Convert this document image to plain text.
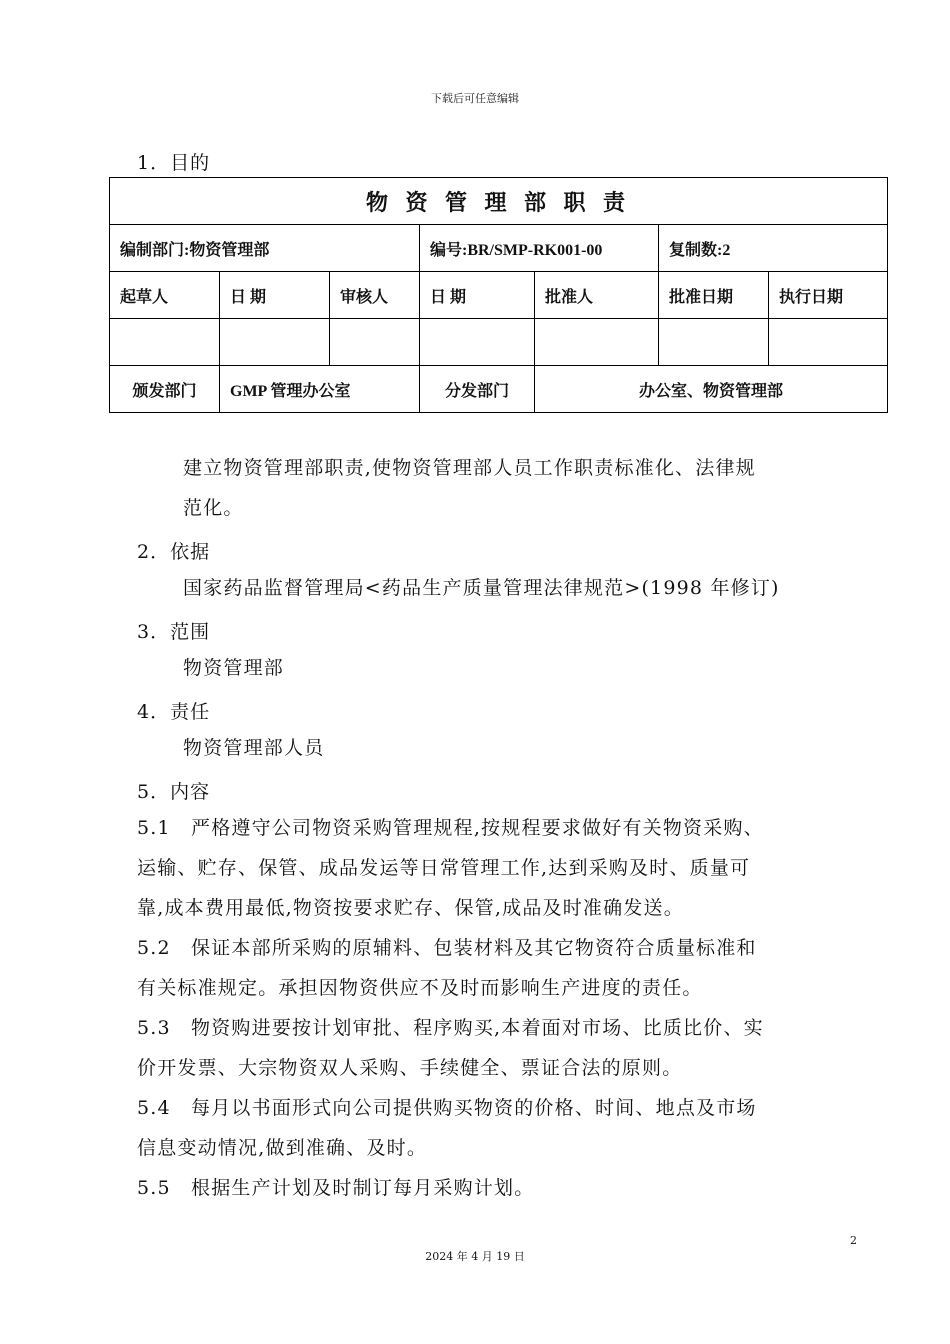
下载后可任意编辑
1．目的
物 资 管 理 部 职 责						
编制部门:物资管理部			编号:BR/SMP-RK001-00		复制数:2	
起草人	日 期	审核人	日 期	批准人	批准日期	执行日期

颁发部门	GMP 管理办公室		分发部门	办公室、物资管理部		
建立物资管理部职责,使物资管理部人员工作职责标准化、法律规
范化。
2．依据
国家药品监督管理局<药品生产质量管理法律规范>(1998 年修订)
3．范围
物资管理部
4．责任
物资管理部人员
5．内容
5.1　严格遵守公司物资采购管理规程,按规程要求做好有关物资采购、
运输、贮存、保管、成品发运等日常管理工作,达到采购及时、质量可
靠,成本费用最低,物资按要求贮存、保管,成品及时准确发送。
5.2　保证本部所采购的原辅料、包装材料及其它物资符合质量标准和
有关标准规定。承担因物资供应不及时而影响生产进度的责任。
5.3　物资购进要按计划审批、程序购买,本着面对市场、比质比价、实
价开发票、大宗物资双人采购、手续健全、票证合法的原则。
5.4　每月以书面形式向公司提供购买物资的价格、时间、地点及市场
信息变动情况,做到准确、及时。
5.5　根据生产计划及时制订每月采购计划。
2
2024 年 4 月 19 日
